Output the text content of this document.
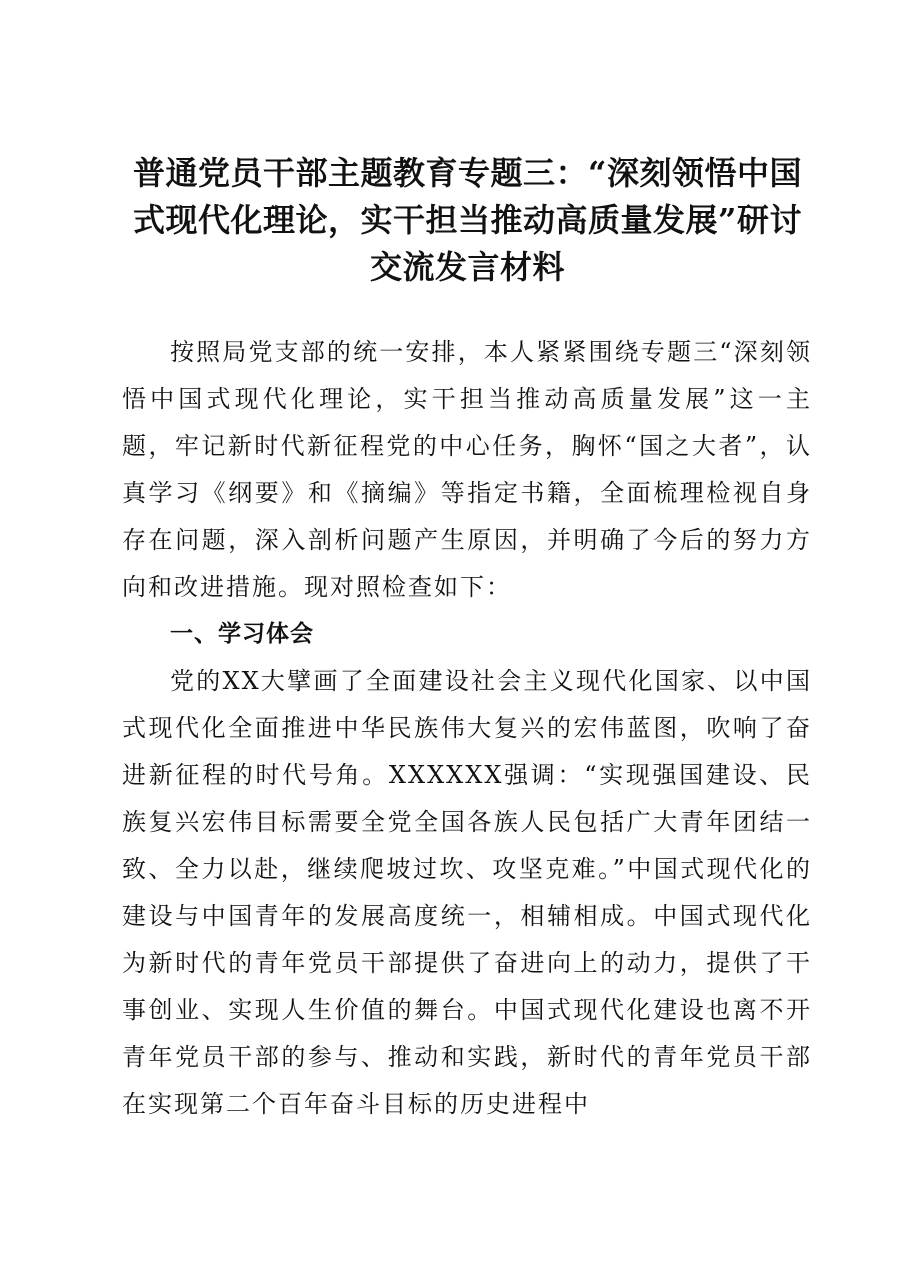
普通党员干部主题教育专题三：“深刻领悟中国
式现代化理论，实干担当推动高质量发展”研讨
交流发言材料

按照局党支部的统一安排，本人紧紧围绕专题三“深刻领悟中国式现代化理论，实干担当推动高质量发展”这一主题，牢记新时代新征程党的中心任务，胸怀“国之大者”，认真学习《纲要》和《摘编》等指定书籍，全面梳理检视自身存在问题，深入剖析问题产生原因，并明确了今后的努力方向和改进措施。现对照检查如下：

一、学习体会

党的XX大擘画了全面建设社会主义现代化国家、以中国式现代化全面推进中华民族伟大复兴的宏伟蓝图，吹响了奋进新征程的时代号角。XXXXXX强调：“实现强国建设、民族复兴宏伟目标需要全党全国各族人民包括广大青年团结一致、全力以赴，继续爬坡过坎、攻坚克难。”中国式现代化的建设与中国青年的发展高度统一，相辅相成。中国式现代化为新时代的青年党员干部提供了奋进向上的动力，提供了干事创业、实现人生价值的舞台。中国式现代化建设也离不开青年党员干部的参与、推动和实践，新时代的青年党员干部在实现第二个百年奋斗目标的历史进程中
